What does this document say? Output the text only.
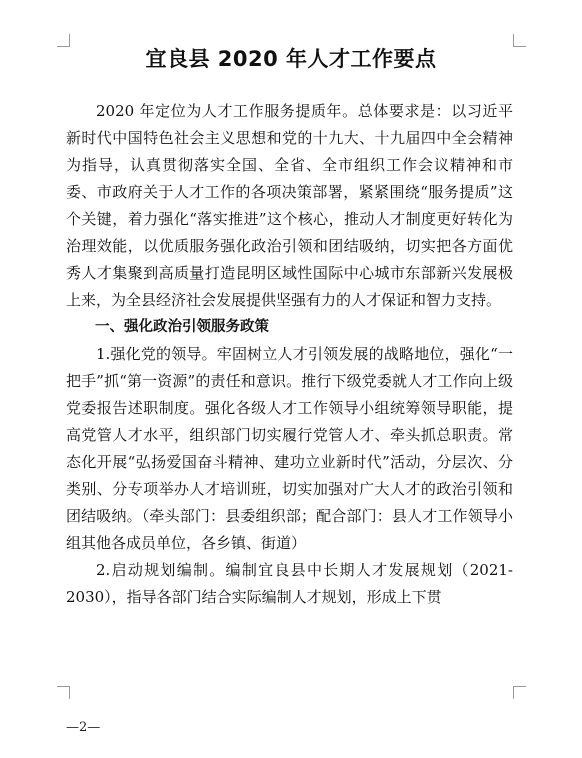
宜良县 2020 年人才工作要点

2020 年定位为人才工作服务提质年。总体要求是：以习近平新时代中国特色社会主义思想和党的十九大、十九届四中全会精神为指导，认真贯彻落实全国、全省、全市组织工作会议精神和市委、市政府关于人才工作的各项决策部署，紧紧围绕“服务提质”这个关键，着力强化“落实推进”这个核心，推动人才制度更好转化为治理效能，以优质服务强化政治引领和团结吸纳，切实把各方面优秀人才集聚到高质量打造昆明区域性国际中心城市东部新兴发展极上来，为全县经济社会发展提供坚强有力的人才保证和智力支持。

一、强化政治引领服务政策

1.强化党的领导。牢固树立人才引领发展的战略地位，强化“一把手”抓“第一资源”的责任和意识。推行下级党委就人才工作向上级党委报告述职制度。强化各级人才工作领导小组统筹领导职能，提高党管人才水平，组织部门切实履行党管人才、牵头抓总职责。常态化开展“弘扬爱国奋斗精神、建功立业新时代”活动，分层次、分类别、分专项举办人才培训班，切实加强对广大人才的政治引领和团结吸纳。（牵头部门：县委组织部；配合部门：县人才工作领导小组其他各成员单位，各乡镇、街道）

2.启动规划编制。编制宜良县中长期人才发展规划（2021-2030），指导各部门结合实际编制人才规划，形成上下贯

—2—
